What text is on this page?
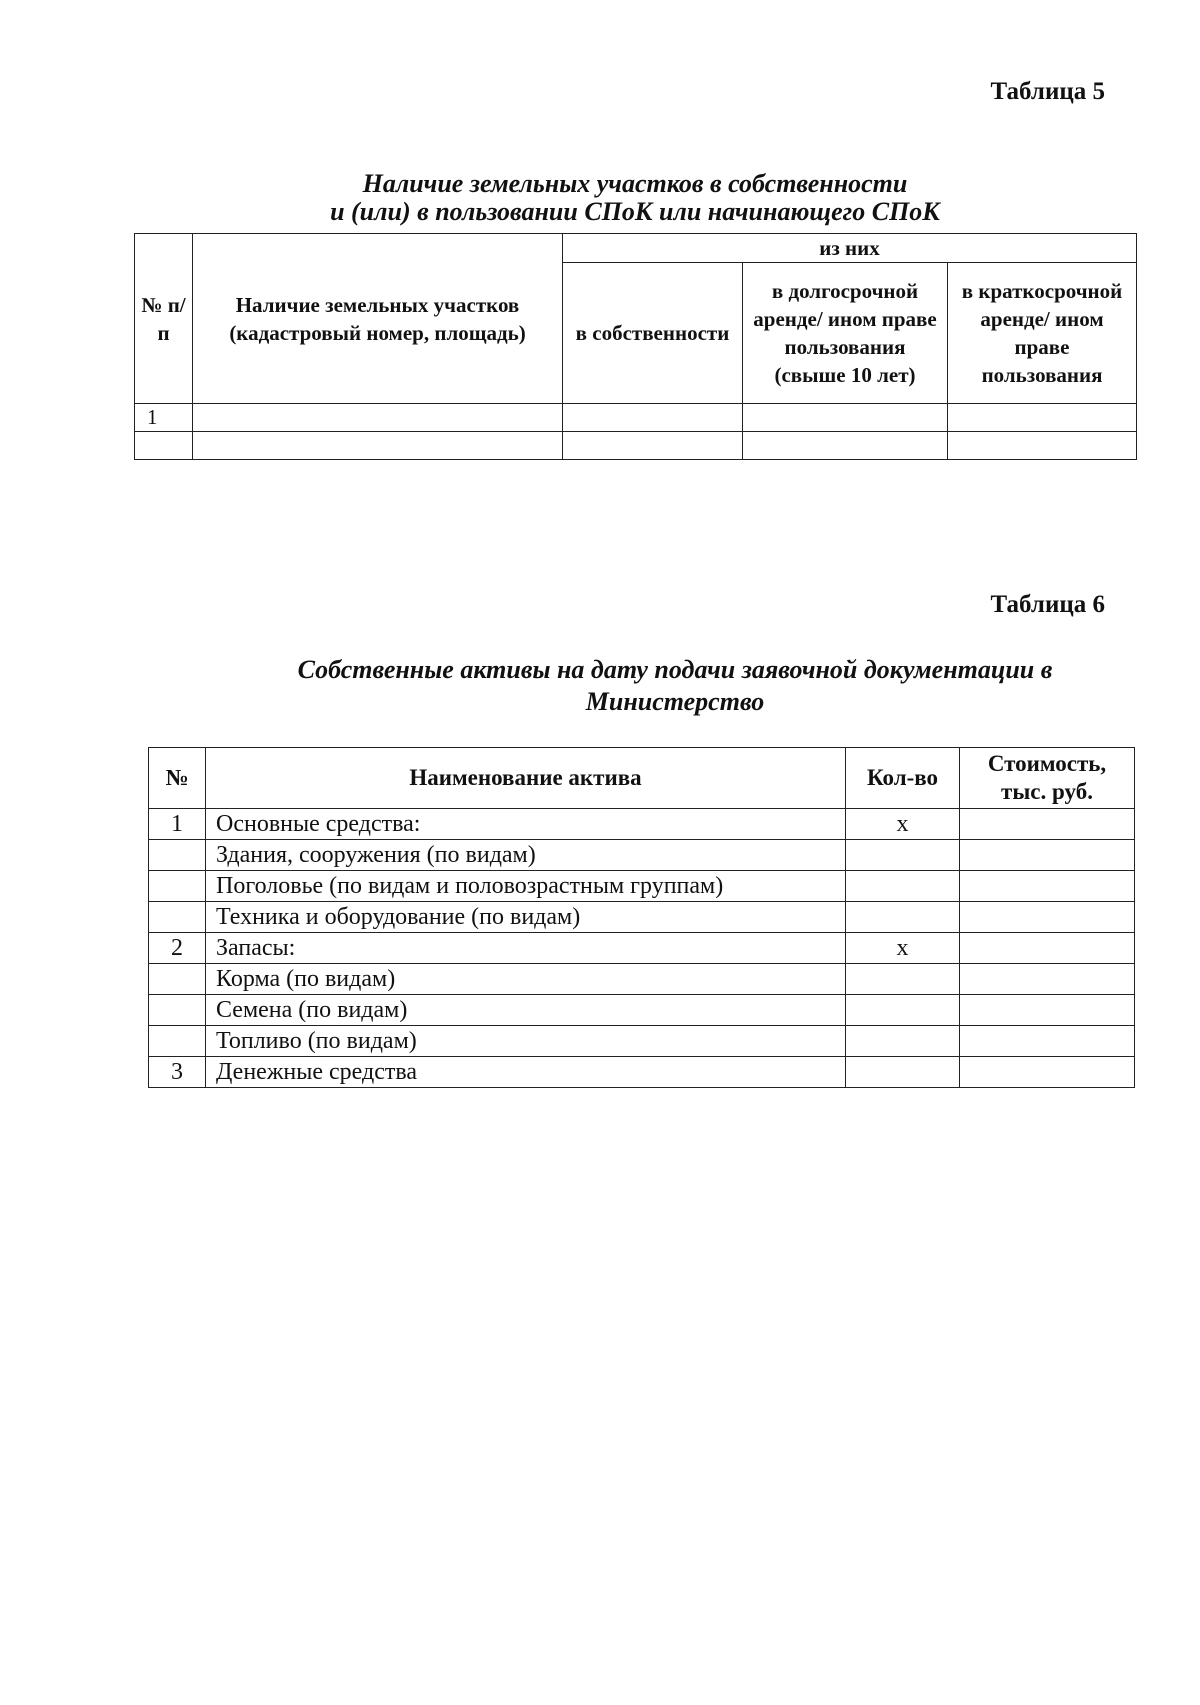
Таблица 5
Наличие земельных участков в собственности
и (или) в пользовании СПоК или начинающего СПоК
№ п/п	Наличие земельных участков (кадастровый номер, площадь)	из них		
		в собственности	в долгосрочной аренде/ ином праве пользования (свыше 10 лет)	в краткосрочной аренде/ ином праве пользования
1				

Таблица 6
Собственные активы на дату подачи заявочной документации в
Министерство
№	Наименование актива	Кол-во	Стоимость, тыс. руб.
1	Основные средства:	х	
	Здания, сооружения (по видам)		
	Поголовье (по видам и половозрастным группам)		
	Техника и оборудование (по видам)		
2	Запасы:	х	
	Корма (по видам)		
	Семена (по видам)		
	Топливо (по видам)		
3	Денежные средства		
